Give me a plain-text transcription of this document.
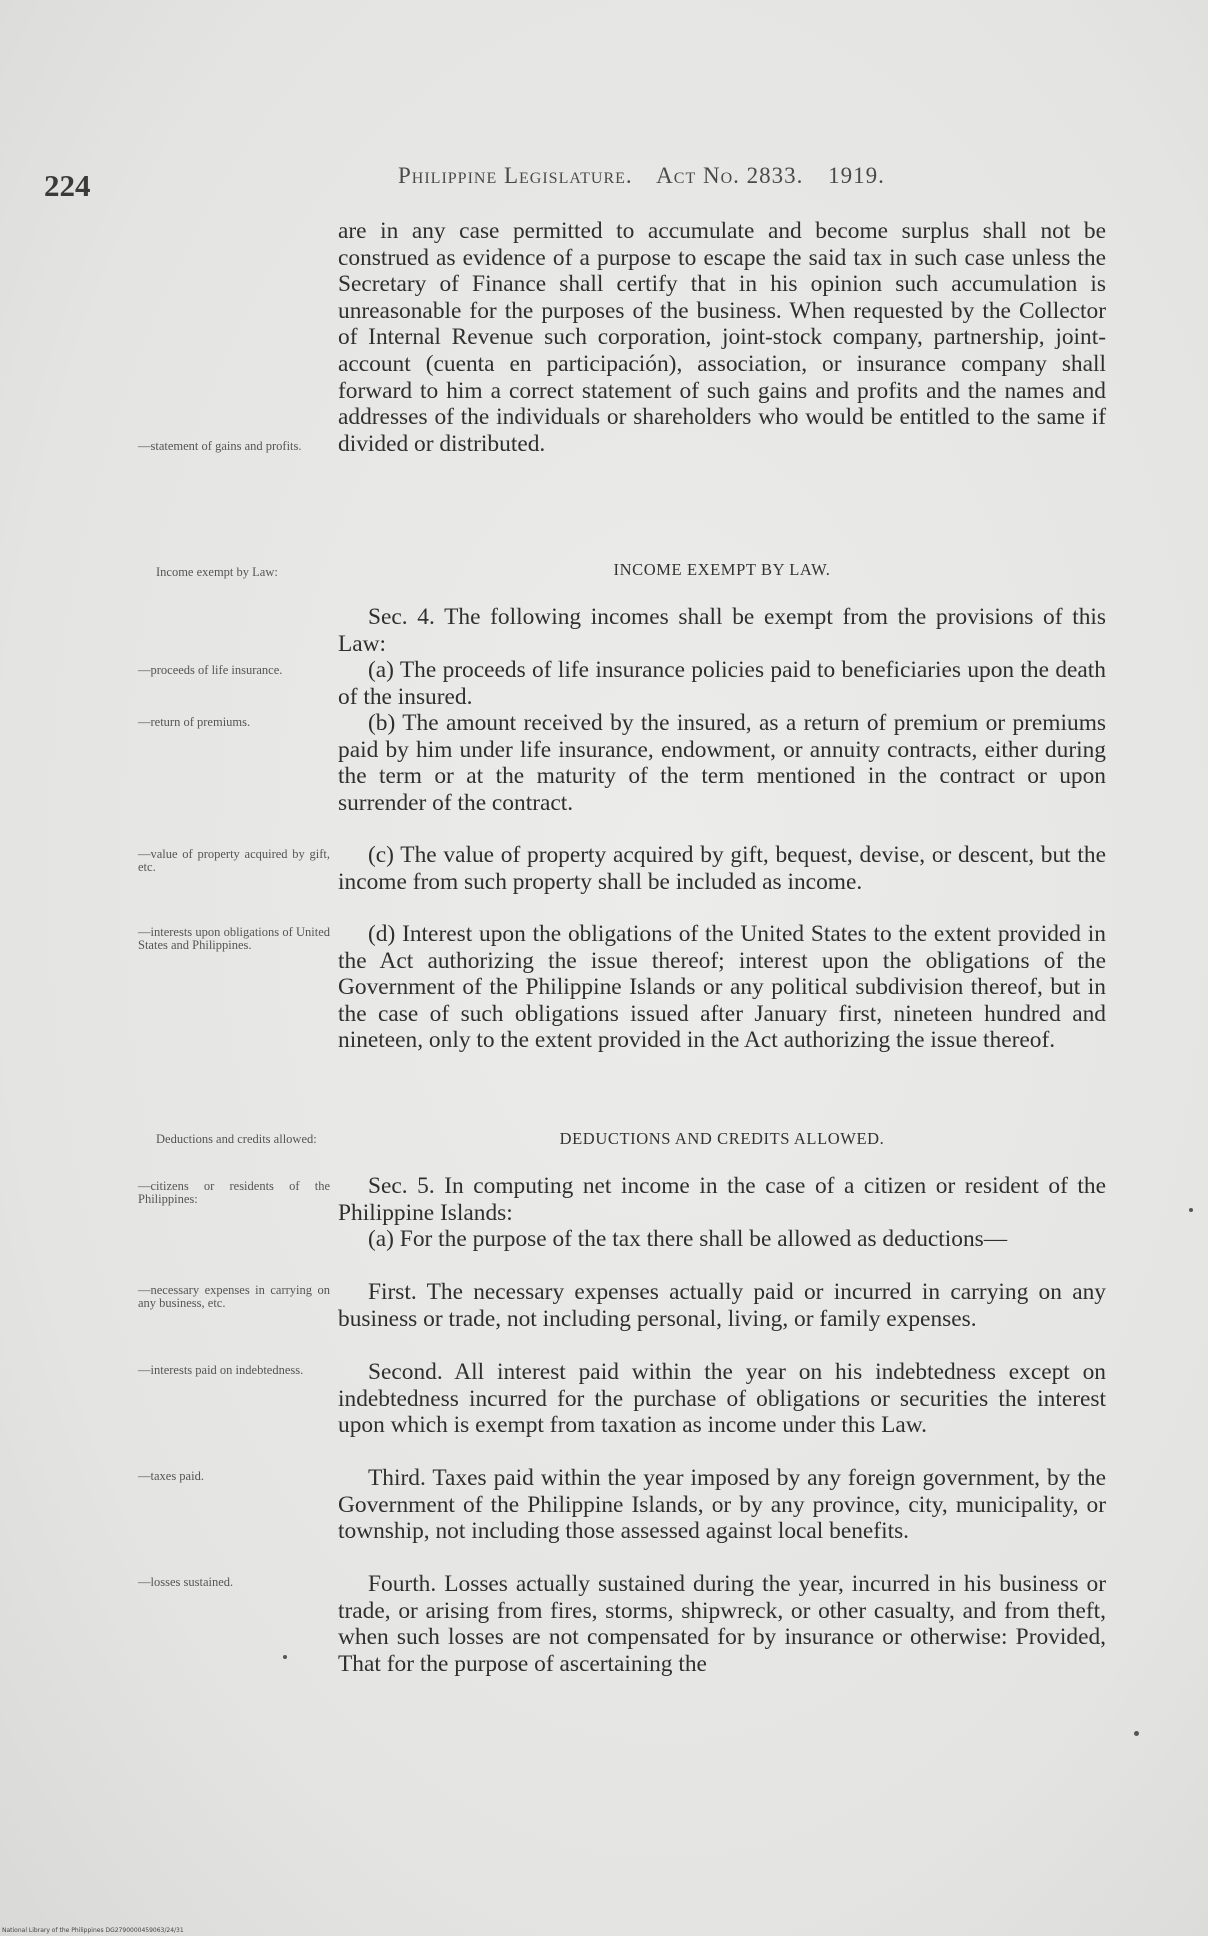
224	Philippine Legislature. Act No. 2833. 1919.
are in any case permitted to accumulate and become surplus shall not be construed as evidence of a purpose to escape the said tax in such case unless the Secretary of Finance shall certify that in his opinion such accumulation is unreasonable for the purposes of the business. When requested by the Collector of Internal Revenue such corporation, joint-stock company, partnership, joint-account (cuenta en participación), association, or insurance company shall forward to him a correct statement of such gains and profits and the names and addresses of the individuals or shareholders who would be entitled to the same if divided or distributed.
INCOME EXEMPT BY LAW.
Sec. 4. The following incomes shall be exempt from the provisions of this Law:
(a) The proceeds of life insurance policies paid to beneficiaries upon the death of the insured.
(b) The amount received by the insured, as a return of premium or premiums paid by him under life insurance, endowment, or annuity contracts, either during the term or at the maturity of the term mentioned in the contract or upon surrender of the contract.
(c) The value of property acquired by gift, bequest, devise, or descent, but the income from such property shall be included as income.
(d) Interest upon the obligations of the United States to the extent provided in the Act authorizing the issue thereof; interest upon the obligations of the Government of the Philippine Islands or any political subdivision thereof, but in the case of such obligations issued after January first, nineteen hundred and nineteen, only to the extent provided in the Act authorizing the issue thereof.
DEDUCTIONS AND CREDITS ALLOWED.
Sec. 5. In computing net income in the case of a citizen or resident of the Philippine Islands:
(a) For the purpose of the tax there shall be allowed as deductions—
First. The necessary expenses actually paid or incurred in carrying on any business or trade, not including personal, living, or family expenses.
Second. All interest paid within the year on his indebtedness except on indebtedness incurred for the purchase of obligations or securities the interest upon which is exempt from taxation as income under this Law.
Third. Taxes paid within the year imposed by any foreign government, by the Government of the Philippine Islands, or by any province, city, municipality, or township, not including those assessed against local benefits.
Fourth. Losses actually sustained during the year, incurred in his business or trade, or arising from fires, storms, shipwreck, or other casualty, and from theft, when such losses are not compensated for by insurance or otherwise: Provided, That for the purpose of ascertaining the
—statement of gains and profits.
Income exempt by Law:
—proceeds of life insurance.
—return of premiums.
—value of property acquired by gift, etc.
—interests upon obligations of United States and Philippines.
Deductions and credits allowed:
—citizens or residents of the Philippines:
—necessary expenses in carrying on any business, etc.
—interests paid on indebtedness.
—taxes paid.
—losses sustained.
National Library of the Philippines DG2790000459063/24/31
